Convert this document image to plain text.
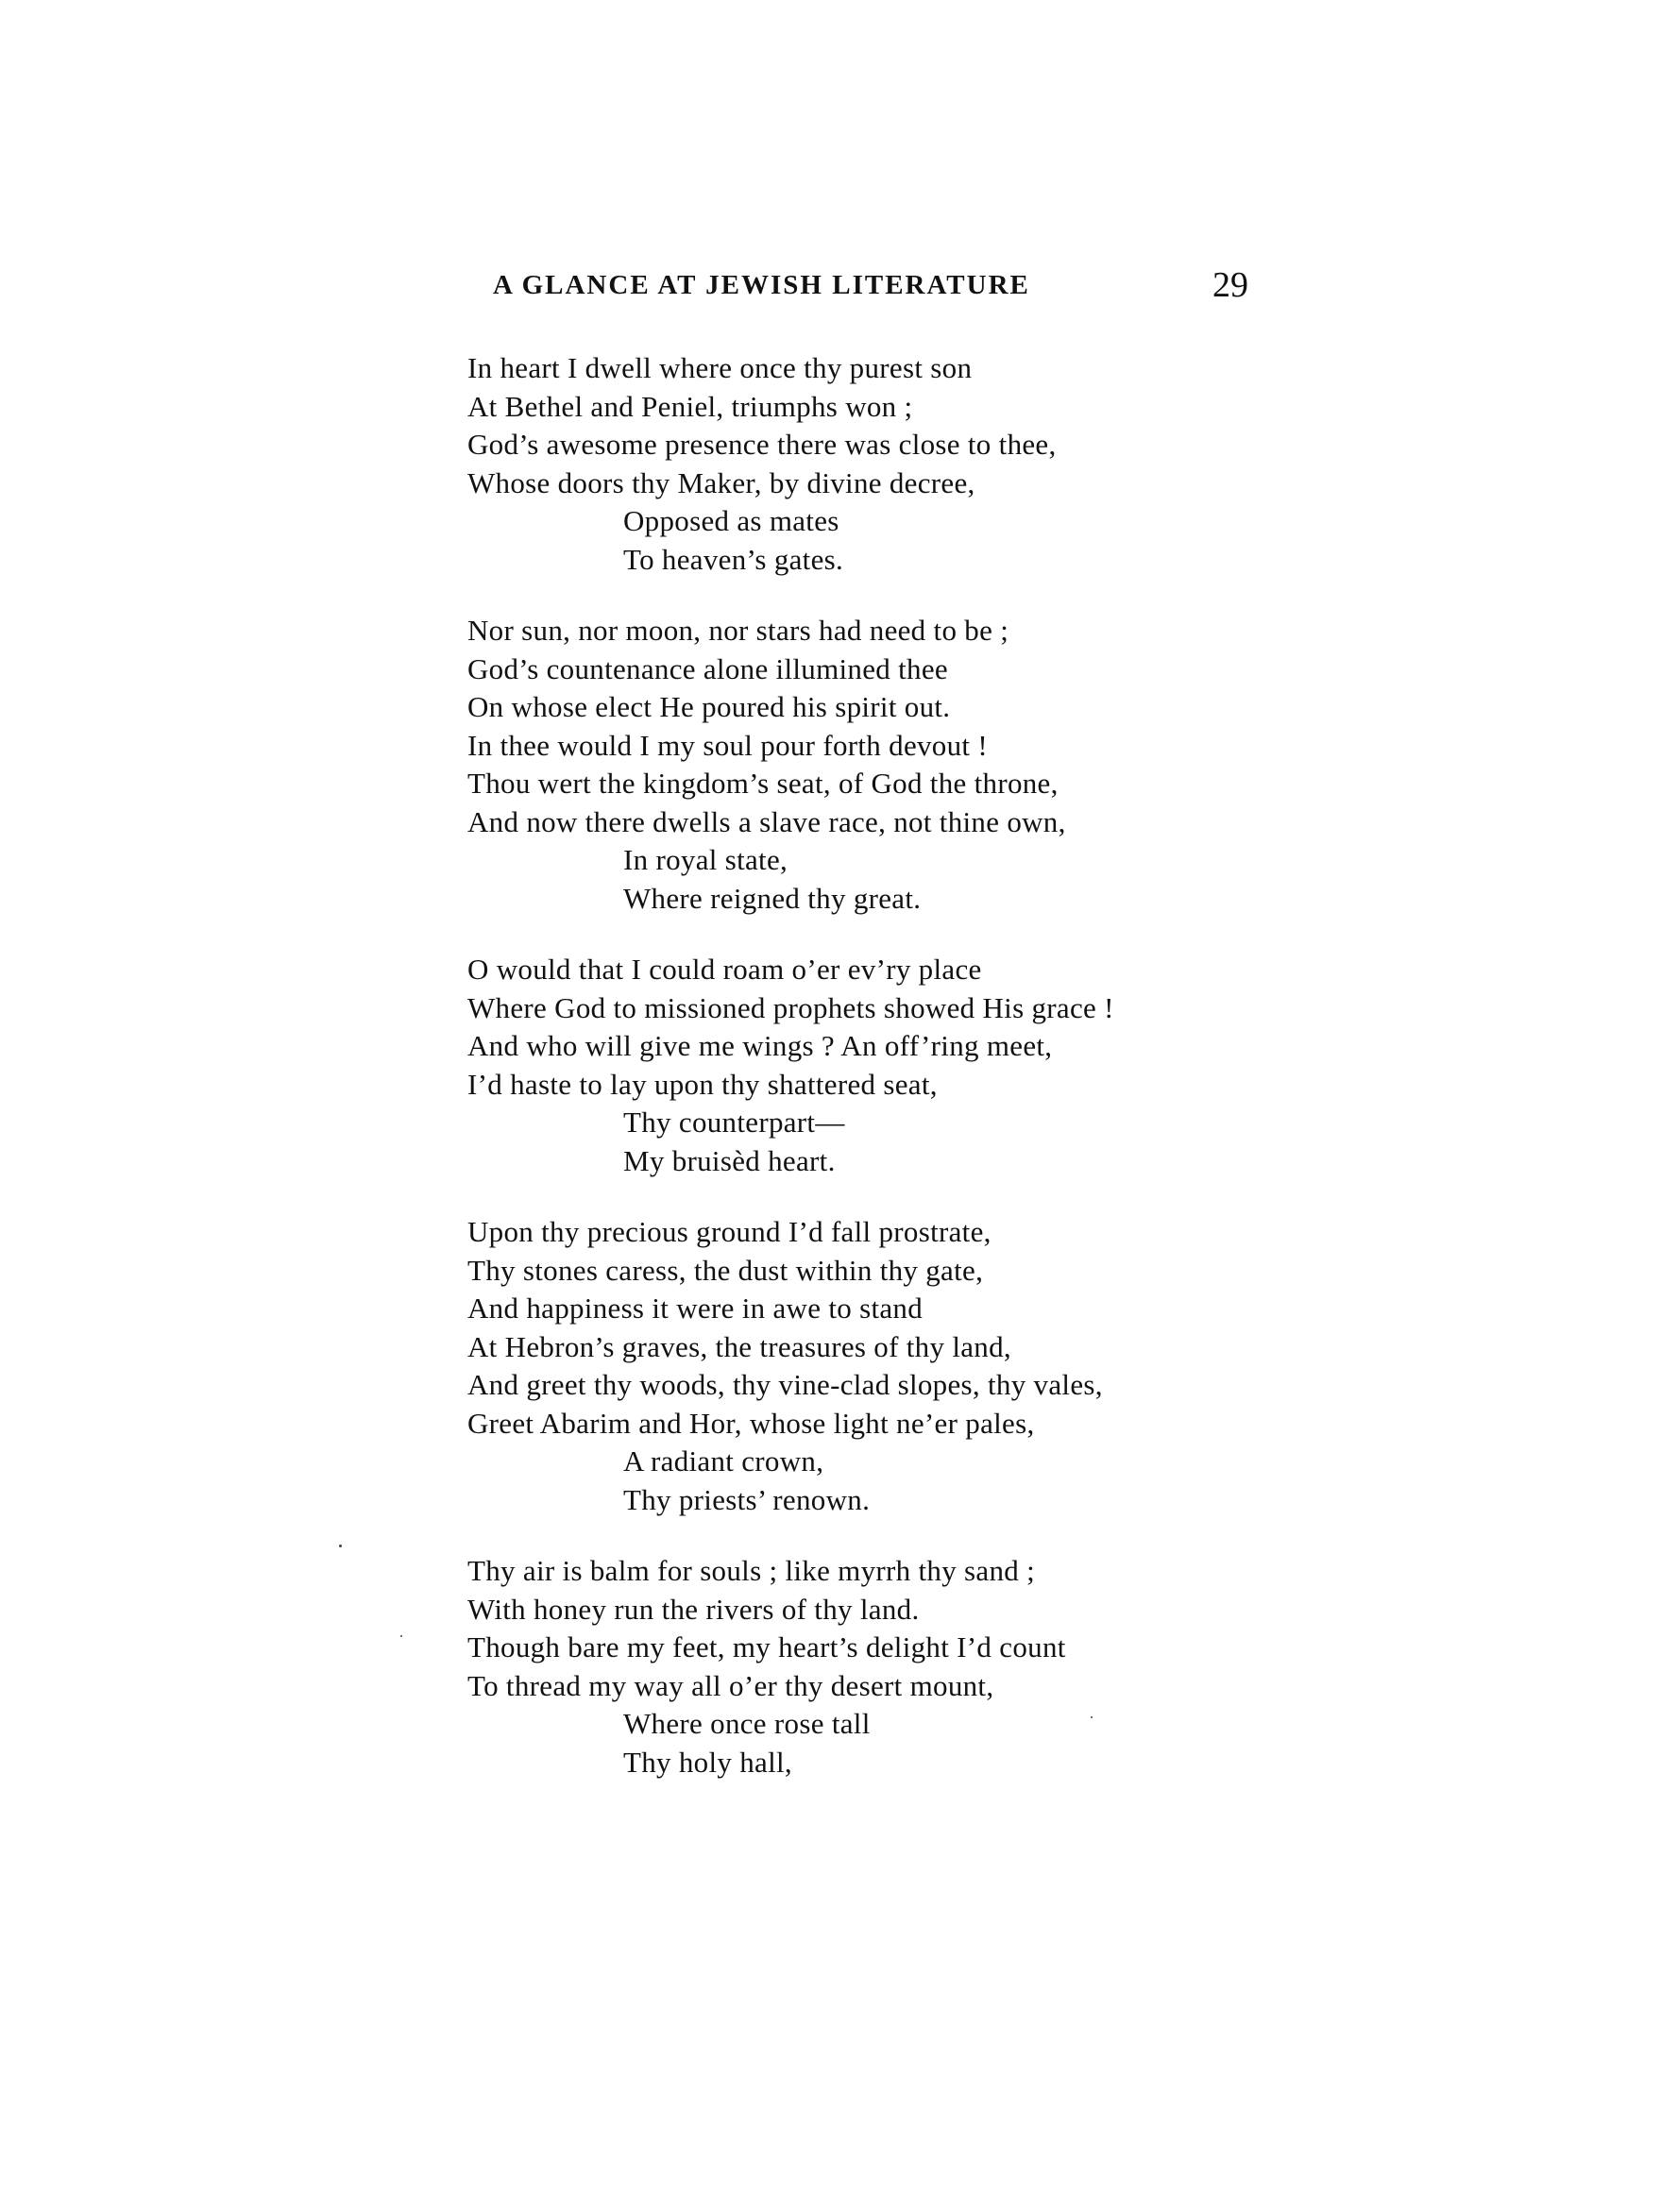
A GLANCE AT JEWISH LITERATURE	29
In heart I dwell where once thy purest son
At Bethel and Peniel, triumphs won ;
God’s awesome presence there was close to thee,
Whose doors thy Maker, by divine decree,
Opposed as mates
To heaven’s gates.
Nor sun, nor moon, nor stars had need to be ;
God’s countenance alone illumined thee
On whose elect He poured his spirit out.
In thee would I my soul pour forth devout !
Thou wert the kingdom’s seat, of God the throne,
And now there dwells a slave race, not thine own,
In royal state,
Where reigned thy great.
O would that I could roam o’er ev’ry place
Where God to missioned prophets showed His grace !
And who will give me wings ? An off’ring meet,
I’d haste to lay upon thy shattered seat,
Thy counterpart—
My bruisèd heart.
Upon thy precious ground I’d fall prostrate,
Thy stones caress, the dust within thy gate,
And happiness it were in awe to stand
At Hebron’s graves, the treasures of thy land,
And greet thy woods, thy vine-clad slopes, thy vales,
Greet Abarim and Hor, whose light ne’er pales,
A radiant crown,
Thy priests’ renown.
Thy air is balm for souls ; like myrrh thy sand ;
With honey run the rivers of thy land.
Though bare my feet, my heart’s delight I’d count
To thread my way all o’er thy desert mount,
Where once rose tall
Thy holy hall,
